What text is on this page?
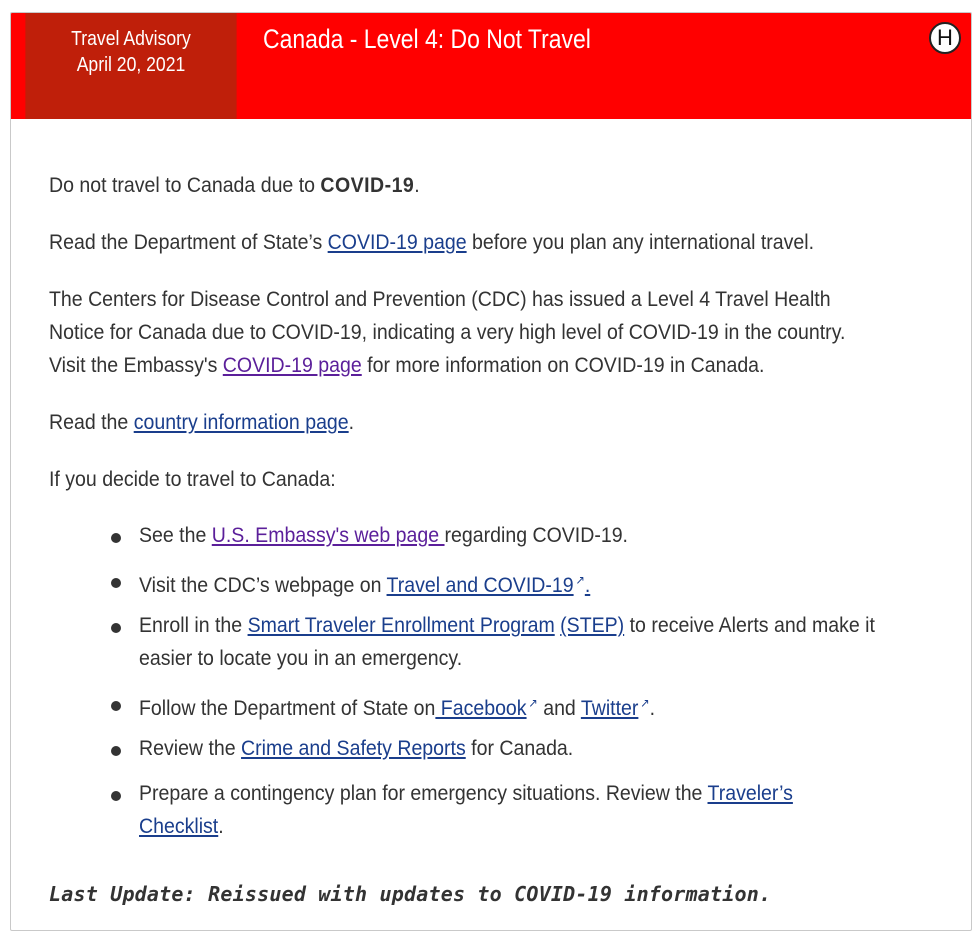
Travel Advisory
April 20, 2021
Canada - Level 4: Do Not Travel	H

Do not travel to Canada due to COVID-19.

Read the Department of State’s COVID-19 page before you plan any international travel.

The Centers for Disease Control and Prevention (CDC) has issued a Level 4 Travel Health

Notice for Canada due to COVID-19, indicating a very high level of COVID-19 in the country.

Visit the Embassy's COVID-19 page for more information on COVID-19 in Canada.

Read the country information page.

If you decide to travel to Canada:

See the U.S. Embassy's web page regarding COVID-19.
Visit the CDC’s webpage on Travel and COVID-19 ↗.
Enroll in the Smart Traveler Enrollment Program (STEP) to receive Alerts and make it
easier to locate you in an emergency.
Follow the Department of State on Facebook ↗ and Twitter ↗.
Review the Crime and Safety Reports for Canada.
Prepare a contingency plan for emergency situations. Review the Traveler’s
Checklist.

Last Update: Reissued with updates to COVID-19 information.
